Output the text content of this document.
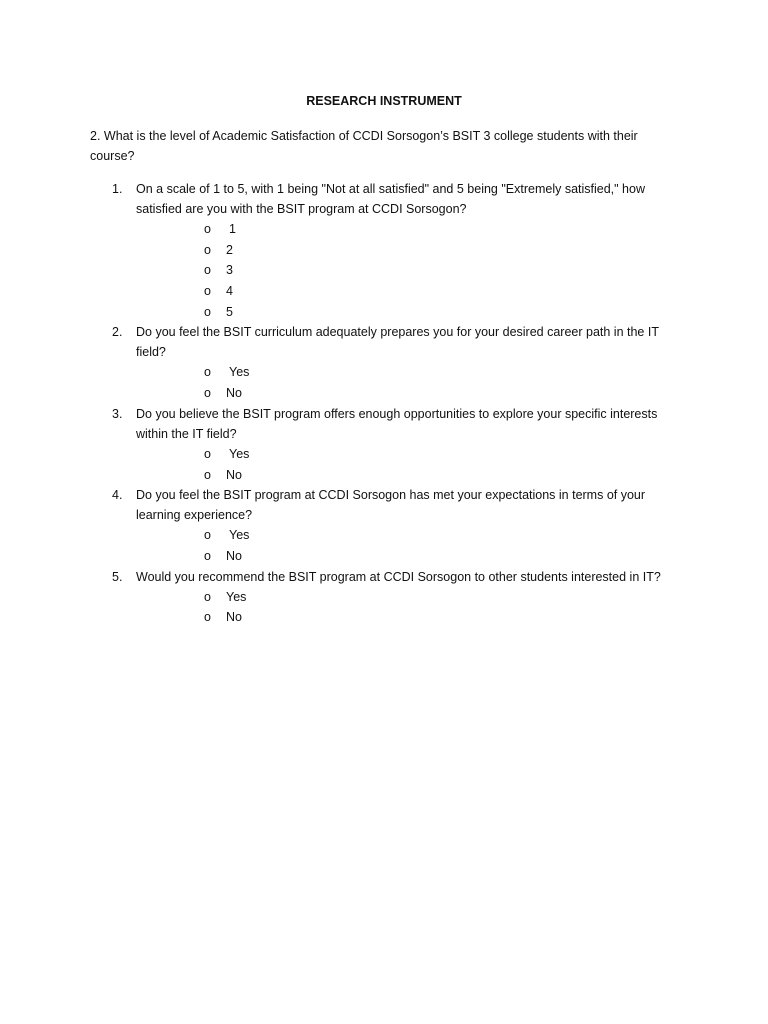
RESEARCH INSTRUMENT
2. What is the level of Academic Satisfaction of CCDI Sorsogon’s BSIT 3 college students with their course?
1. On a scale of 1 to 5, with 1 being "Not at all satisfied" and 5 being "Extremely satisfied," how satisfied are you with the BSIT program at CCDI Sorsogon?
o 1
o 2
o 3
o 4
o 5
2. Do you feel the BSIT curriculum adequately prepares you for your desired career path in the IT field?
o Yes
o No
3. Do you believe the BSIT program offers enough opportunities to explore your specific interests within the IT field?
o Yes
o No
4. Do you feel the BSIT program at CCDI Sorsogon has met your expectations in terms of your learning experience?
o Yes
o No
5. Would you recommend the BSIT program at CCDI Sorsogon to other students interested in IT?
o Yes
o No
